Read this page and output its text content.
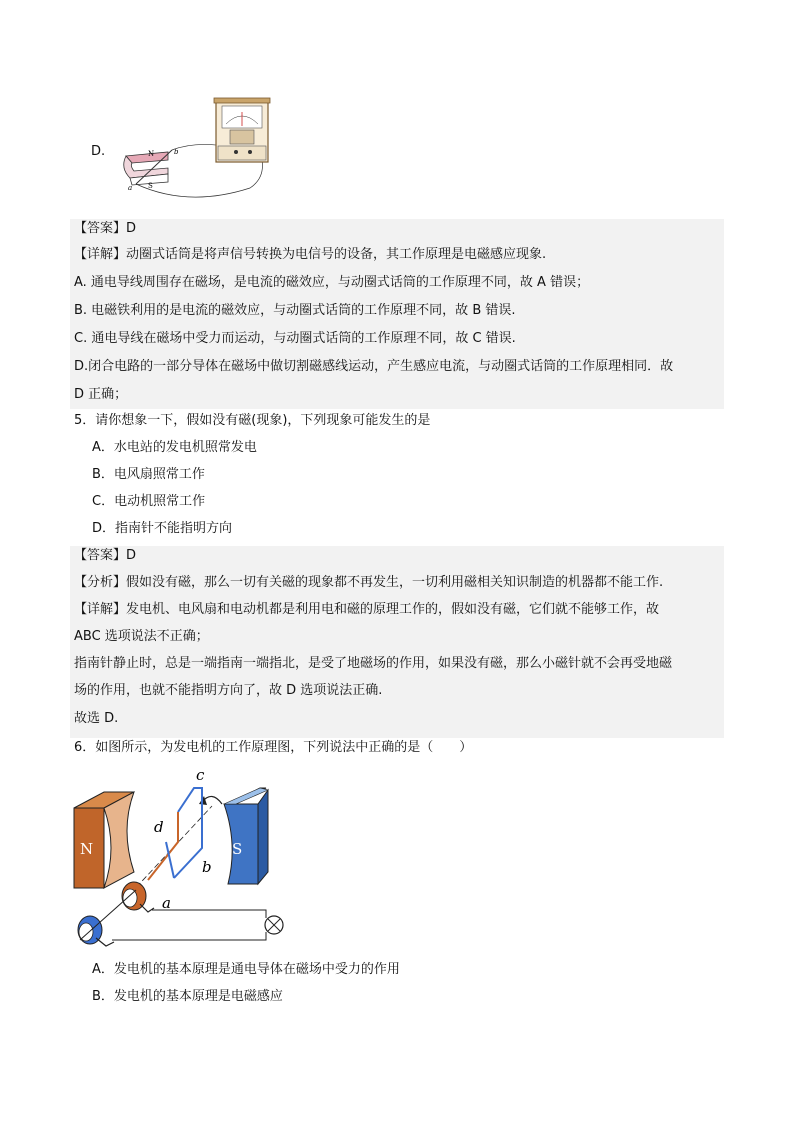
D.	N
S
a
b
【答案】D
【详解】动圈式话筒是将声信号转换为电信号的设备，其工作原理是电磁感应现象.
A. 通电导线周围存在磁场，是电流的磁效应，与动圈式话筒的工作原理不同，故 A 错误；
B. 电磁铁利用的是电流的磁效应，与动圈式话筒的工作原理不同，故 B 错误.
C. 通电导线在磁场中受力而运动，与动圈式话筒的工作原理不同，故 C 错误.
D.闭合电路的一部分导体在磁场中做切割磁感线运动，产生感应电流，与动圈式话筒的工作原理相同．故
D 正确；
5．请你想象一下，假如没有磁(现象)，下列现象可能发生的是
A．水电站的发电机照常发电
B．电风扇照常工作
C．电动机照常工作
D．指南针不能指明方向
【答案】D
【分析】假如没有磁，那么一切有关磁的现象都不再发生，一切利用磁相关知识制造的机器都不能工作.
【详解】发电机、电风扇和电动机都是利用电和磁的原理工作的，假如没有磁，它们就不能够工作，故
ABC 选项说法不正确；
指南针静止时，总是一端指南一端指北，是受了地磁场的作用，如果没有磁，那么小磁针就不会再受地磁
场的作用，也就不能指明方向了，故 D 选项说法正确.
故选 D.
6．如图所示，为发电机的工作原理图，下列说法中正确的是（　　）
N	S
c
d
b
a
A．发电机的基本原理是通电导体在磁场中受力的作用
B．发电机的基本原理是电磁感应
